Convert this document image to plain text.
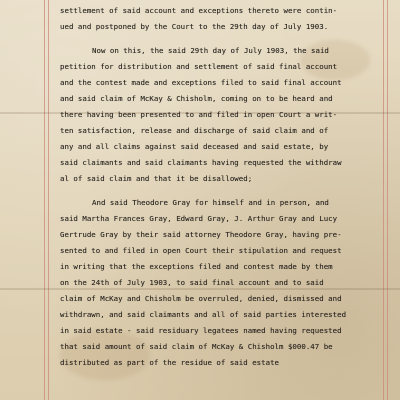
settlement of said account and exceptions thereto were contin-
ued and postponed by the Court to the 29th day of July 1903.
Now on this, the said 29th day of July 1903, the said
petition for distribution and settlement of said final account
and the contest made and exceptions filed to said final account
and said claim of McKay & Chisholm, coming on to be heard and
there having been presented to and filed in open Court a writ-
ten satisfaction, release and discharge of said claim and of
any and all claims against said deceased and said estate, by
said claimants and said claimants having requested the withdraw
al of said claim and that it be disallowed;
And said Theodore Gray for himself and in person, and
said Martha Frances Gray, Edward Gray, J. Arthur Gray and Lucy
Gertrude Gray by their said attorney Theodore Gray, having pre-
sented to and filed in open Court their stipulation and request
in writing that the exceptions filed and contest made by them
on the 24th of July 1903, to said final account and to said
claim of McKay and Chisholm be overruled, denied, dismissed and
withdrawn, and said claimants and all of said parties interested
in said estate - said residuary legatees named having requested
that said amount of said claim of McKay & Chisholm $000.47 be
distributed as part of the residue of said estate
